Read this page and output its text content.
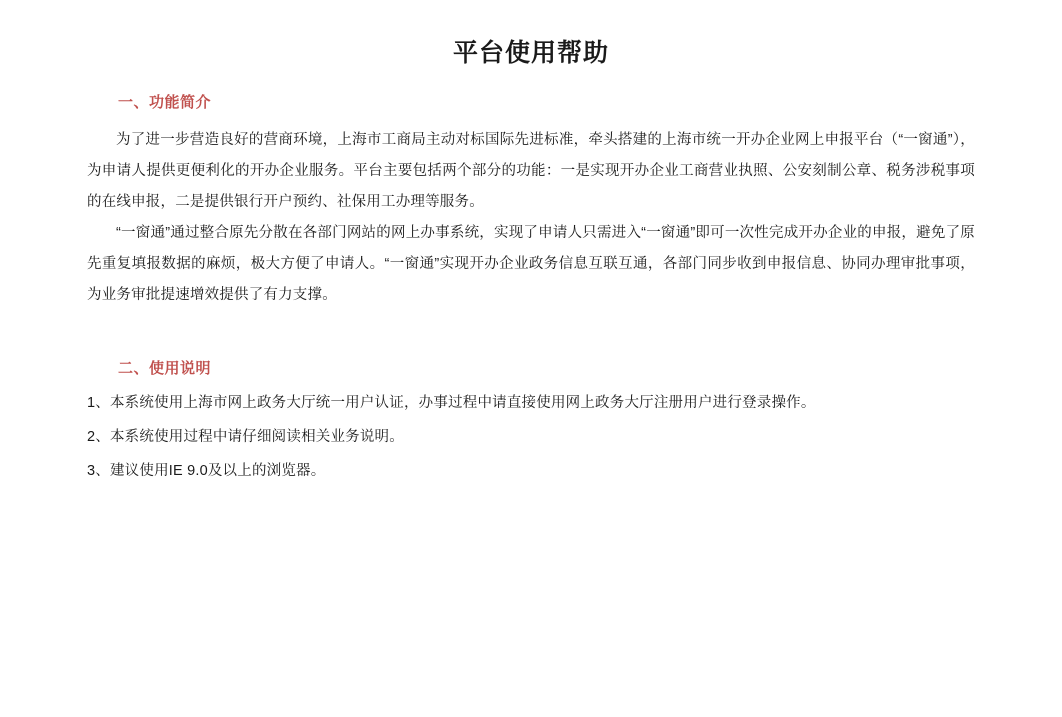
平台使用帮助
一、功能简介

为了进一步营造良好的营商环境，上海市工商局主动对标国际先进标准，牵头搭建的上海市统一开办企业网上申报平台（“一窗通”），为申请人提供更便利化的开办企业服务。平台主要包括两个部分的功能：一是实现开办企业工商营业执照、公安刻制公章、税务涉税事项的在线申报，二是提供银行开户预约、社保用工办理等服务。

“一窗通”通过整合原先分散在各部门网站的网上办事系统，实现了申请人只需进入“一窗通”即可一次性完成开办企业的申报，避免了原先重复填报数据的麻烦，极大方便了申请人。“一窗通”实现开办企业政务信息互联互通，各部门同步收到申报信息、协同办理审批事项，为业务审批提速增效提供了有力支撑。

二、使用说明

1、本系统使用上海市网上政务大厅统一用户认证，办事过程中请直接使用网上政务大厅注册用户进行登录操作。

2、本系统使用过程中请仔细阅读相关业务说明。

3、建议使用IE 9.0及以上的浏览器。
